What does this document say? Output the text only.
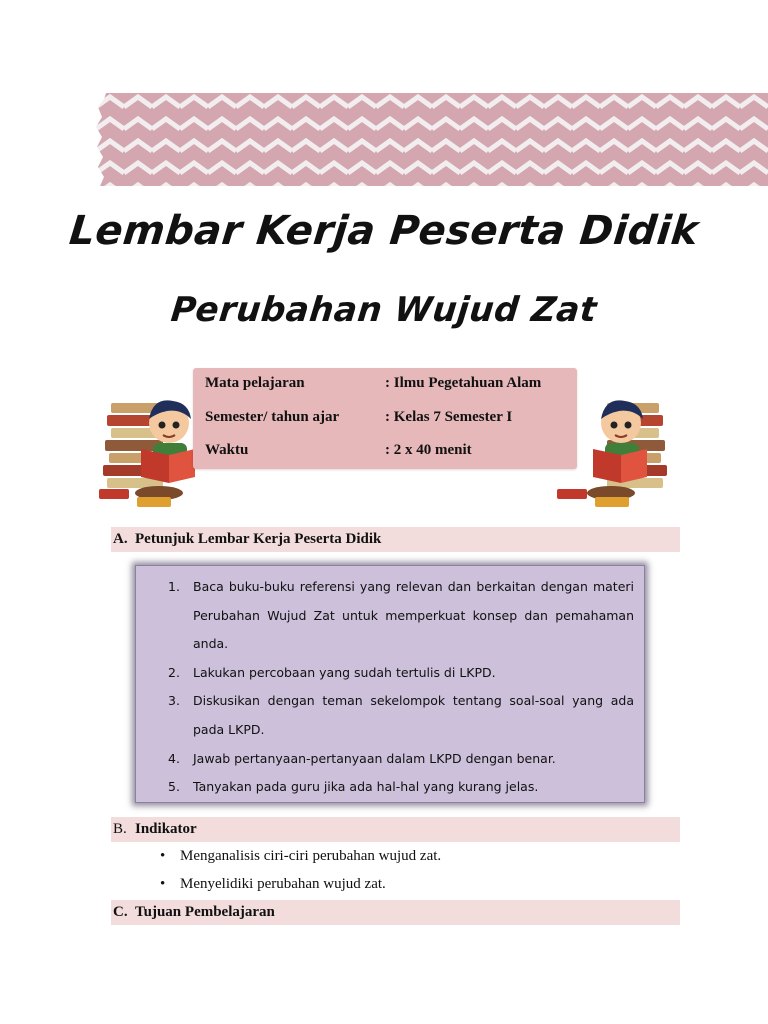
Lembar Kerja Peserta Didik
Perubahan Wujud Zat
Mata pelajaran	: Ilmu Pegetahuan Alam
Semester/ tahun ajar	: Kelas 7 Semester I
Waktu	: 2 x 40 menit
A. Petunjuk Lembar Kerja Peserta Didik
1. Baca buku-buku referensi yang relevan dan berkaitan dengan materi Perubahan Wujud Zat untuk memperkuat konsep dan pemahaman anda.
2. Lakukan percobaan yang sudah tertulis di LKPD.
3. Diskusikan dengan teman sekelompok tentang soal-soal yang ada pada LKPD.
4. Jawab pertanyaan-pertanyaan dalam LKPD dengan benar.
5. Tanyakan pada guru jika ada hal-hal yang kurang jelas.
B. Indikator
• Menganalisis ciri-ciri perubahan wujud zat.
• Menyelidiki perubahan wujud zat.
C. Tujuan Pembelajaran
